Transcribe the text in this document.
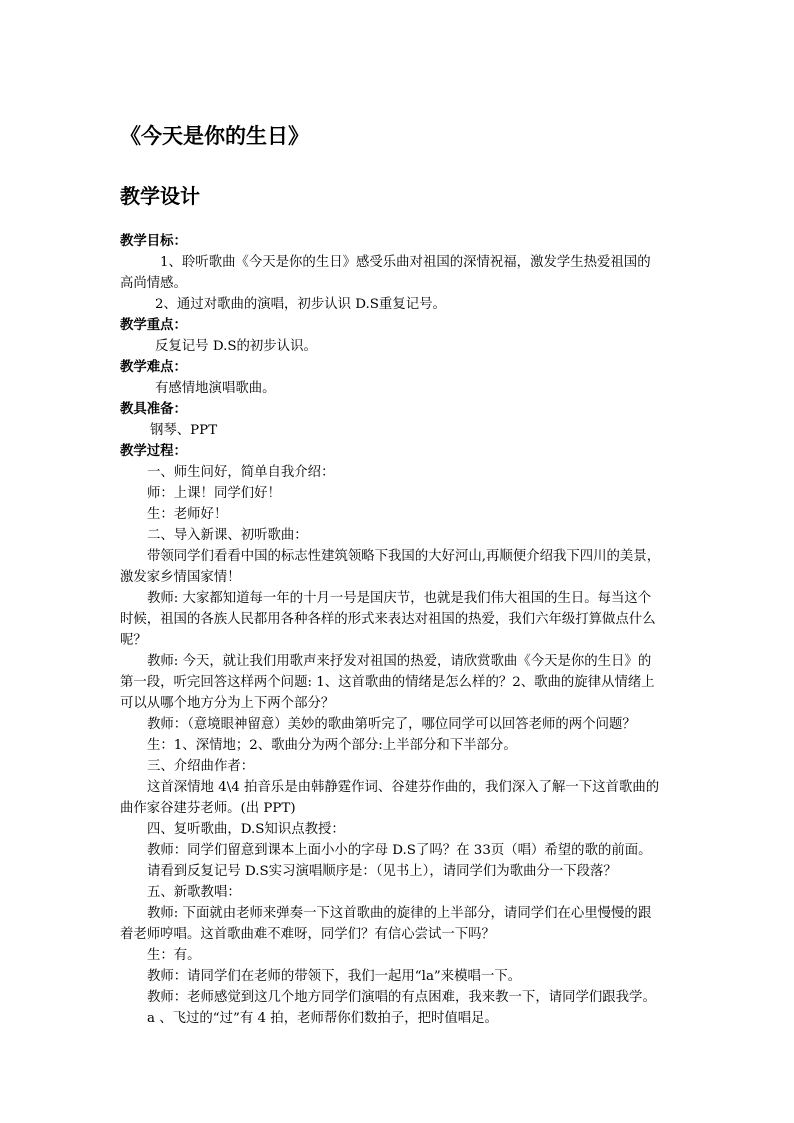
《今天是你的生日》
教学设计

教学目标：

1、聆听歌曲《今天是你的生日》感受乐曲对祖国的深情祝福，激发学生热爱祖国的

高尚情感。

2、通过对歌曲的演唱，初步认识 D.S重复记号。

教学重点：

反复记号 D.S的初步认识。

教学难点：

有感情地演唱歌曲。

教具准备：

钢琴、PPT

教学过程：

一、师生问好，简单自我介绍：

师：上课！同学们好！

生：老师好！

二、导入新课、初听歌曲：

带领同学们看看中国的标志性建筑领略下我国的大好河山,再顺便介绍我下四川的美景，

激发家乡情国家情！

教师: 大家都知道每一年的十月一号是国庆节，也就是我们伟大祖国的生日。每当这个

时候，祖国的各族人民都用各种各样的形式来表达对祖国的热爱，我们六年级打算做点什么

呢？

教师: 今天，就让我们用歌声来抒发对祖国的热爱，请欣赏歌曲《今天是你的生日》的

第一段，听完回答这样两个问题: 1、这首歌曲的情绪是怎么样的？2、歌曲的旋律从情绪上

可以从哪个地方分为上下两个部分？

教师：（意境眼神留意）美妙的歌曲第听完了，哪位同学可以回答老师的两个问题？

生：1、深情地；2、歌曲分为两个部分:上半部分和下半部分。

三、介绍曲作者：

这首深情地 4\4 拍音乐是由韩静霆作词、谷建芬作曲的，我们深入了解一下这首歌曲的

曲作家谷建芬老师。(出 PPT)

四、复听歌曲，D.S知识点教授：

教师：同学们留意到课本上面小小的字母 D.S了吗？在 33页（唱）希望的歌的前面。

请看到反复记号 D.S实习演唱顺序是：（见书上），请同学们为歌曲分一下段落？

五、新歌教唱：

教师: 下面就由老师来弹奏一下这首歌曲的旋律的上半部分，请同学们在心里慢慢的跟

着老师哼唱。这首歌曲难不难呀，同学们？有信心尝试一下吗？

生：有。

教师：请同学们在老师的带领下，我们一起用“la”来模唱一下。

教师：老师感觉到这几个地方同学们演唱的有点困难，我来教一下，请同学们跟我学。

a 、飞过的“过”有 4 拍，老师帮你们数拍子，把时值唱足。
